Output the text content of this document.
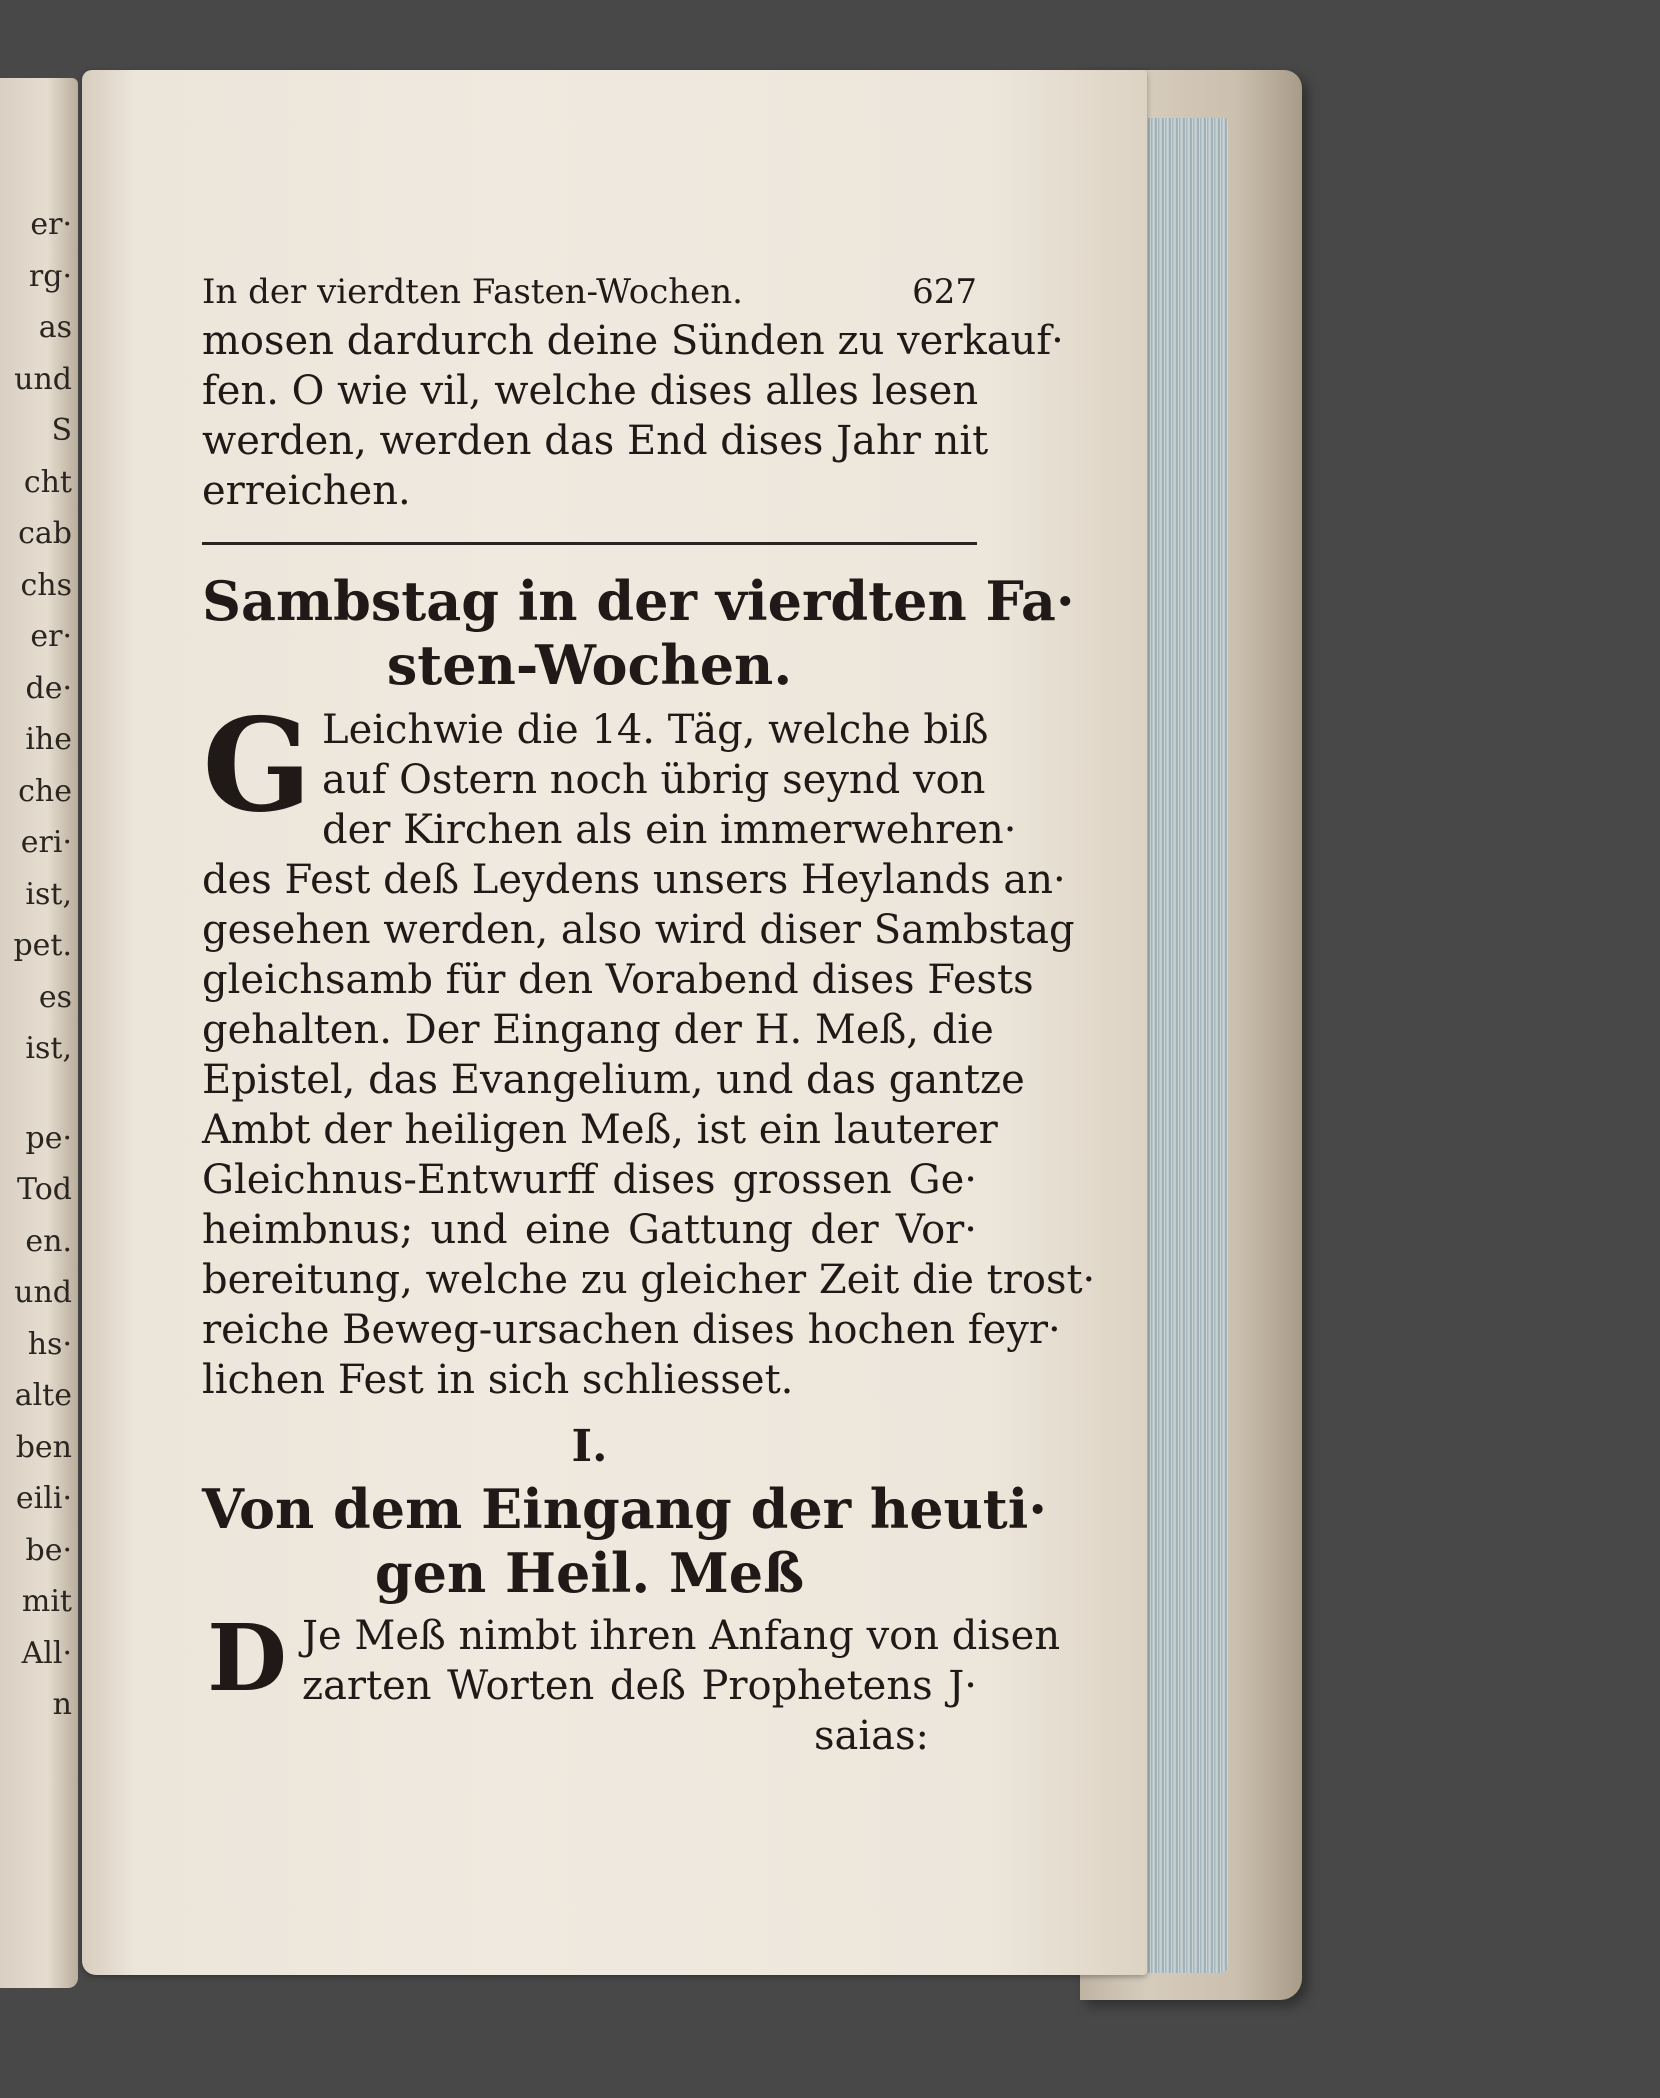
er·
rg·
as
und
S
cht
cab
chs
er·
de·
ihe
che
eri·
ist,
pet.
es
ist,
pe·
Tod
en.
und
hs·
alte
ben
eili·
be·
mit
All·
n
In der vierdten Fasten-Wochen.	627
mosen dardurch deine Sünden zu verkauf·
fen. O wie vil, welche dises alles lesen
werden, werden das End dises Jahr nit
erreichen.
Sambstag in der vierdten Fa·
sten-Wochen.
G Leichwie die 14. Täg, welche biß
auf Ostern noch übrig seynd von
der Kirchen als ein immerwehren·
des Fest deß Leydens unsers Heylands an·
gesehen werden, also wird diser Sambstag
gleichsamb für den Vorabend dises Fests
gehalten. Der Eingang der H. Meß, die
Epistel, das Evangelium, und das gantze
Ambt der heiligen Meß, ist ein lauterer
Gleichnus-Entwurff dises grossen Ge·
heimbnus; und eine Gattung der Vor·
bereitung, welche zu gleicher Zeit die trost·
reiche Beweg-ursachen dises hochen feyr·
lichen Fest in sich schliesset.
I.
Von dem Eingang der heuti·
gen Heil. Meß
D Je Meß nimbt ihren Anfang von disen
zarten Worten deß Prophetens J·
saias:
